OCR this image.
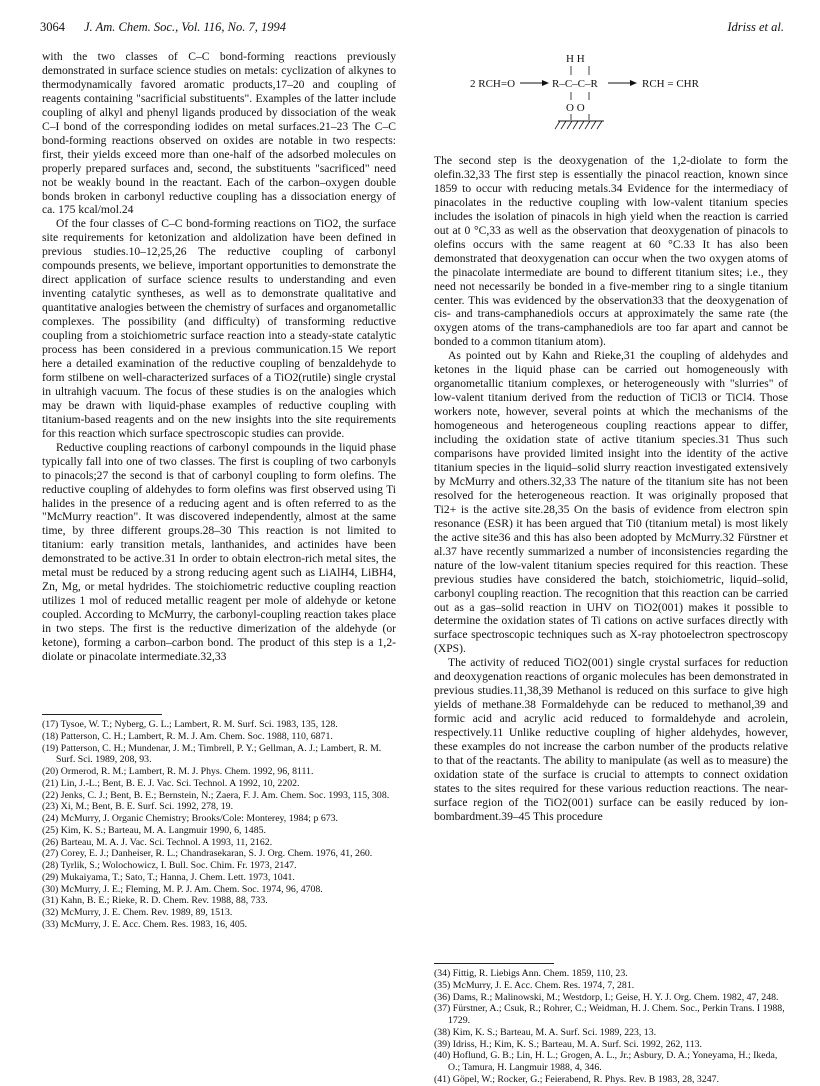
3064 J. Am. Chem. Soc., Vol. 116, No. 7, 1994	Idriss et al.

with the two classes of C–C bond-forming reactions previously demonstrated in surface science studies on metals: cyclization of alkynes to thermodynamically favored aromatic products,17–20 and coupling of reagents containing "sacrificial substituents". Examples of the latter include coupling of alkyl and phenyl ligands produced by dissociation of the weak C–I bond of the corresponding iodides on metal surfaces.21–23 The C–C bond-forming reactions observed on oxides are notable in two respects: first, their yields exceed more than one-half of the adsorbed molecules on properly prepared surfaces and, second, the substituents "sacrificed" need not be weakly bound in the reactant. Each of the carbon–oxygen double bonds broken in carbonyl reductive coupling has a dissociation energy of ca. 175 kcal/mol.24

Of the four classes of C–C bond-forming reactions on TiO2, the surface site requirements for ketonization and aldolization have been defined in previous studies.10–12,25,26 The reductive coupling of carbonyl compounds presents, we believe, important opportunities to demonstrate the direct application of surface science results to understanding and even inventing catalytic syntheses, as well as to demonstrate qualitative and quantitative analogies between the chemistry of surfaces and organometallic complexes. The possibility (and difficulty) of transforming reductive coupling from a stoichiometric surface reaction into a steady-state catalytic process has been considered in a previous communication.15 We report here a detailed examination of the reductive coupling of benzaldehyde to form stilbene on well-characterized surfaces of a TiO2(rutile) single crystal in ultrahigh vacuum. The focus of these studies is on the analogies which may be drawn with liquid-phase examples of reductive coupling with titanium-based reagents and on the new insights into the site requirements for this reaction which surface spectroscopic studies can provide.

Reductive coupling reactions of carbonyl compounds in the liquid phase typically fall into one of two classes. The first is coupling of two carbonyls to pinacols;27 the second is that of carbonyl coupling to form olefins. The reductive coupling of aldehydes to form olefins was first observed using Ti halides in the presence of a reducing agent and is often referred to as the "McMurry reaction". It was discovered independently, almost at the same time, by three different groups.28–30 This reaction is not limited to titanium: early transition metals, lanthanides, and actinides have been demonstrated to be active.31 In order to obtain electron-rich metal sites, the metal must be reduced by a strong reducing agent such as LiAlH4, LiBH4, Zn, Mg, or metal hydrides. The stoichiometric reductive coupling reaction utilizes 1 mol of reduced metallic reagent per mole of aldehyde or ketone coupled. According to McMurry, the carbonyl-coupling reaction takes place in two steps. The first is the reductive dimerization of the aldehyde (or ketone), forming a carbon–carbon bond. The product of this step is a 1,2-diolate or pinacolate intermediate.32,33

H H
2 RCH=O	R–C–C–R	RCH = CHR
O O

The second step is the deoxygenation of the 1,2-diolate to form the olefin.32,33 The first step is essentially the pinacol reaction, known since 1859 to occur with reducing metals.34 Evidence for the intermediacy of pinacolates in the reductive coupling with low-valent titanium species includes the isolation of pinacols in high yield when the reaction is carried out at 0 °C,33 as well as the observation that deoxygenation of pinacols to olefins occurs with the same reagent at 60 °C.33 It has also been demonstrated that deoxygenation can occur when the two oxygen atoms of the pinacolate intermediate are bound to different titanium sites; i.e., they need not necessarily be bonded in a five-member ring to a single titanium center. This was evidenced by the observation33 that the deoxygenation of cis- and trans-camphanediols occurs at approximately the same rate (the oxygen atoms of the trans-camphanediols are too far apart and cannot be bonded to a common titanium atom).

As pointed out by Kahn and Rieke,31 the coupling of aldehydes and ketones in the liquid phase can be carried out homogeneously with organometallic titanium complexes, or heterogeneously with "slurries" of low-valent titanium derived from the reduction of TiCl3 or TiCl4. Those workers note, however, several points at which the mechanisms of the homogeneous and heterogeneous coupling reactions appear to differ, including the oxidation state of active titanium species.31 Thus such comparisons have provided limited insight into the identity of the active titanium species in the liquid–solid slurry reaction investigated extensively by McMurry and others.32,33 The nature of the titanium site has not been resolved for the heterogeneous reaction. It was originally proposed that Ti2+ is the active site.28,35 On the basis of evidence from electron spin resonance (ESR) it has been argued that Ti0 (titanium metal) is most likely the active site36 and this has also been adopted by McMurry.32 Fürstner et al.37 have recently summarized a number of inconsistencies regarding the nature of the low-valent titanium species required for this reaction. These previous studies have considered the batch, stoichiometric, liquid–solid, carbonyl coupling reaction. The recognition that this reaction can be carried out as a gas–solid reaction in UHV on TiO2(001) makes it possible to determine the oxidation states of Ti cations on active surfaces directly with surface spectroscopic techniques such as X-ray photoelectron spectroscopy (XPS).

The activity of reduced TiO2(001) single crystal surfaces for reduction and deoxygenation reactions of organic molecules has been demonstrated in previous studies.11,38,39 Methanol is reduced on this surface to give high yields of methane.38 Formaldehyde can be reduced to methanol,39 and formic acid and acrylic acid reduced to formaldehyde and acrolein, respectively.11 Unlike reductive coupling of higher aldehydes, however, these examples do not increase the carbon number of the products relative to that of the reactants. The ability to manipulate (as well as to measure) the oxidation state of the surface is crucial to attempts to connect oxidation states to the sites required for these various reduction reactions. The near-surface region of the TiO2(001) surface can be easily reduced by ion-bombardment.39–45 This procedure

(17) Tysoe, W. T.; Nyberg, G. L.; Lambert, R. M. Surf. Sci. 1983, 135, 128.
(18) Patterson, C. H.; Lambert, R. M. J. Am. Chem. Soc. 1988, 110, 6871.
(19) Patterson, C. H.; Mundenar, J. M.; Timbrell, P. Y.; Gellman, A. J.; Lambert, R. M. Surf. Sci. 1989, 208, 93.
(20) Ormerod, R. M.; Lambert, R. M. J. Phys. Chem. 1992, 96, 8111.
(21) Lin, J.-L.; Bent, B. E. J. Vac. Sci. Technol. A 1992, 10, 2202.
(22) Jenks, C. J.; Bent, B. E.; Bernstein, N.; Zaera, F. J. Am. Chem. Soc. 1993, 115, 308.
(23) Xi, M.; Bent, B. E. Surf. Sci. 1992, 278, 19.
(24) McMurry, J. Organic Chemistry; Brooks/Cole: Monterey, 1984; p 673.
(25) Kim, K. S.; Barteau, M. A. Langmuir 1990, 6, 1485.
(26) Barteau, M. A. J. Vac. Sci. Technol. A 1993, 11, 2162.
(27) Corey, E. J.; Danheiser, R. L.; Chandrasekaran, S. J. Org. Chem. 1976, 41, 260.
(28) Tyrlik, S.; Wolochowicz, I. Bull. Soc. Chim. Fr. 1973, 2147.
(29) Mukaiyama, T.; Sato, T.; Hanna, J. Chem. Lett. 1973, 1041.
(30) McMurry, J. E.; Fleming, M. P. J. Am. Chem. Soc. 1974, 96, 4708.
(31) Kahn, B. E.; Rieke, R. D. Chem. Rev. 1988, 88, 733.
(32) McMurry, J. E. Chem. Rev. 1989, 89, 1513.
(33) McMurry, J. E. Acc. Chem. Res. 1983, 16, 405.
(34) Fittig, R. Liebigs Ann. Chem. 1859, 110, 23.
(35) McMurry, J. E. Acc. Chem. Res. 1974, 7, 281.
(36) Dams, R.; Malinowski, M.; Westdorp, I.; Geise, H. Y. J. Org. Chem. 1982, 47, 248.
(37) Fürstner, A.; Csuk, R.; Rohrer, C.; Weidman, H. J. Chem. Soc., Perkin Trans. I 1988, 1729.
(38) Kim, K. S.; Barteau, M. A. Surf. Sci. 1989, 223, 13.
(39) Idriss, H.; Kim, K. S.; Barteau, M. A. Surf. Sci. 1992, 262, 113.
(40) Hoflund, G. B.; Lin, H. L.; Grogen, A. L., Jr.; Asbury, D. A.; Yoneyama, H.; Ikeda, O.; Tamura, H. Langmuir 1988, 4, 346.
(41) Göpel, W.; Rocker, G.; Feierabend, R. Phys. Rev. B 1983, 28, 3247.
